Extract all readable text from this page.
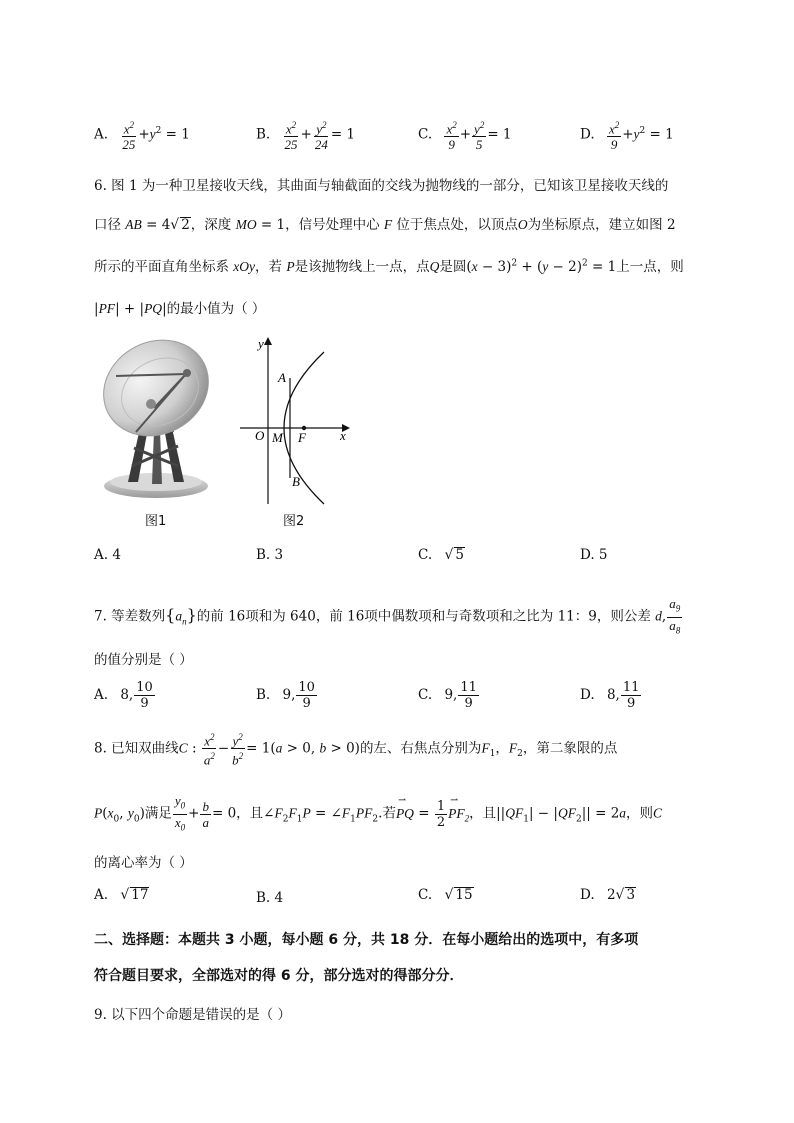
A. $\frac{x^2}{25} +y^2 = 1$	B. $\frac{x^2}{25} + \frac{y^2}{24} = 1$	C. $\frac{x^2}{9} + \frac{y^2}{5} = 1$	D. $\frac{x^2}{9} +y^2 = 1$
6. 图 1 为一种卫星接收天线，其曲面与轴截面的交线为抛物线的一部分，已知该卫星接收天线的
口径 AB = 4√ 2，深度 MO = 1，信号处理中心 F 位于焦点处，以顶点O为坐标原点，建立如图 2
所示的平面直角坐标系 xOy，若 P是该抛物线上一点，点Q是圆$(x - 3)^2 + (y - 2)^2 = 1$上一点，则
|PF| + |PQ|的最小值为（ ）
图1
y
x
O M F
A
B
图2
A. 4	B. 3	C. √ 5	D. 5
7. 等差数列$\{a_n\}$的前 16项和为 640，前 16项中偶数项和与奇数项和之比为 11：9，则公差 d, $\frac{a_9}{a_8}$
的值分别是（ ）
A. 8, $\frac{10}{9}$	B. 9, $\frac{10}{9}$	C. 9, $\frac{11}{9}$	D. 8, $\frac{11}{9}$
8. 已知双曲线C : $\frac{x^2}{a^2} - \frac{y^2}{b^2} = 1(a > 0$, b > 0)的左、右焦点分别为$F_1$，$F_2$，第二象限的点
$P(x_0$, $y_0$)满足 $\frac{y_0}{x_0} + \frac{b}{a} = 0$，且$\angle F_2F_1P$ = $\angle F_1PF_2$.若⇀ PQ = $\frac{1}{2}$
⇀ $PF_2$，且$||QF_1| - |QF_2|| = 2a$，则C
的离心率为（ ）
A. √ 17	B. 4	C. √ 15	D. 2√ 3
二、选择题：本题共 3 小题，每小题 6 分，共 18 分．在每小题给出的选项中，有多项
符合题目要求，全部选对的得 6 分，部分选对的得部分分．
9. 以下四个命题是错误的是（ ）
